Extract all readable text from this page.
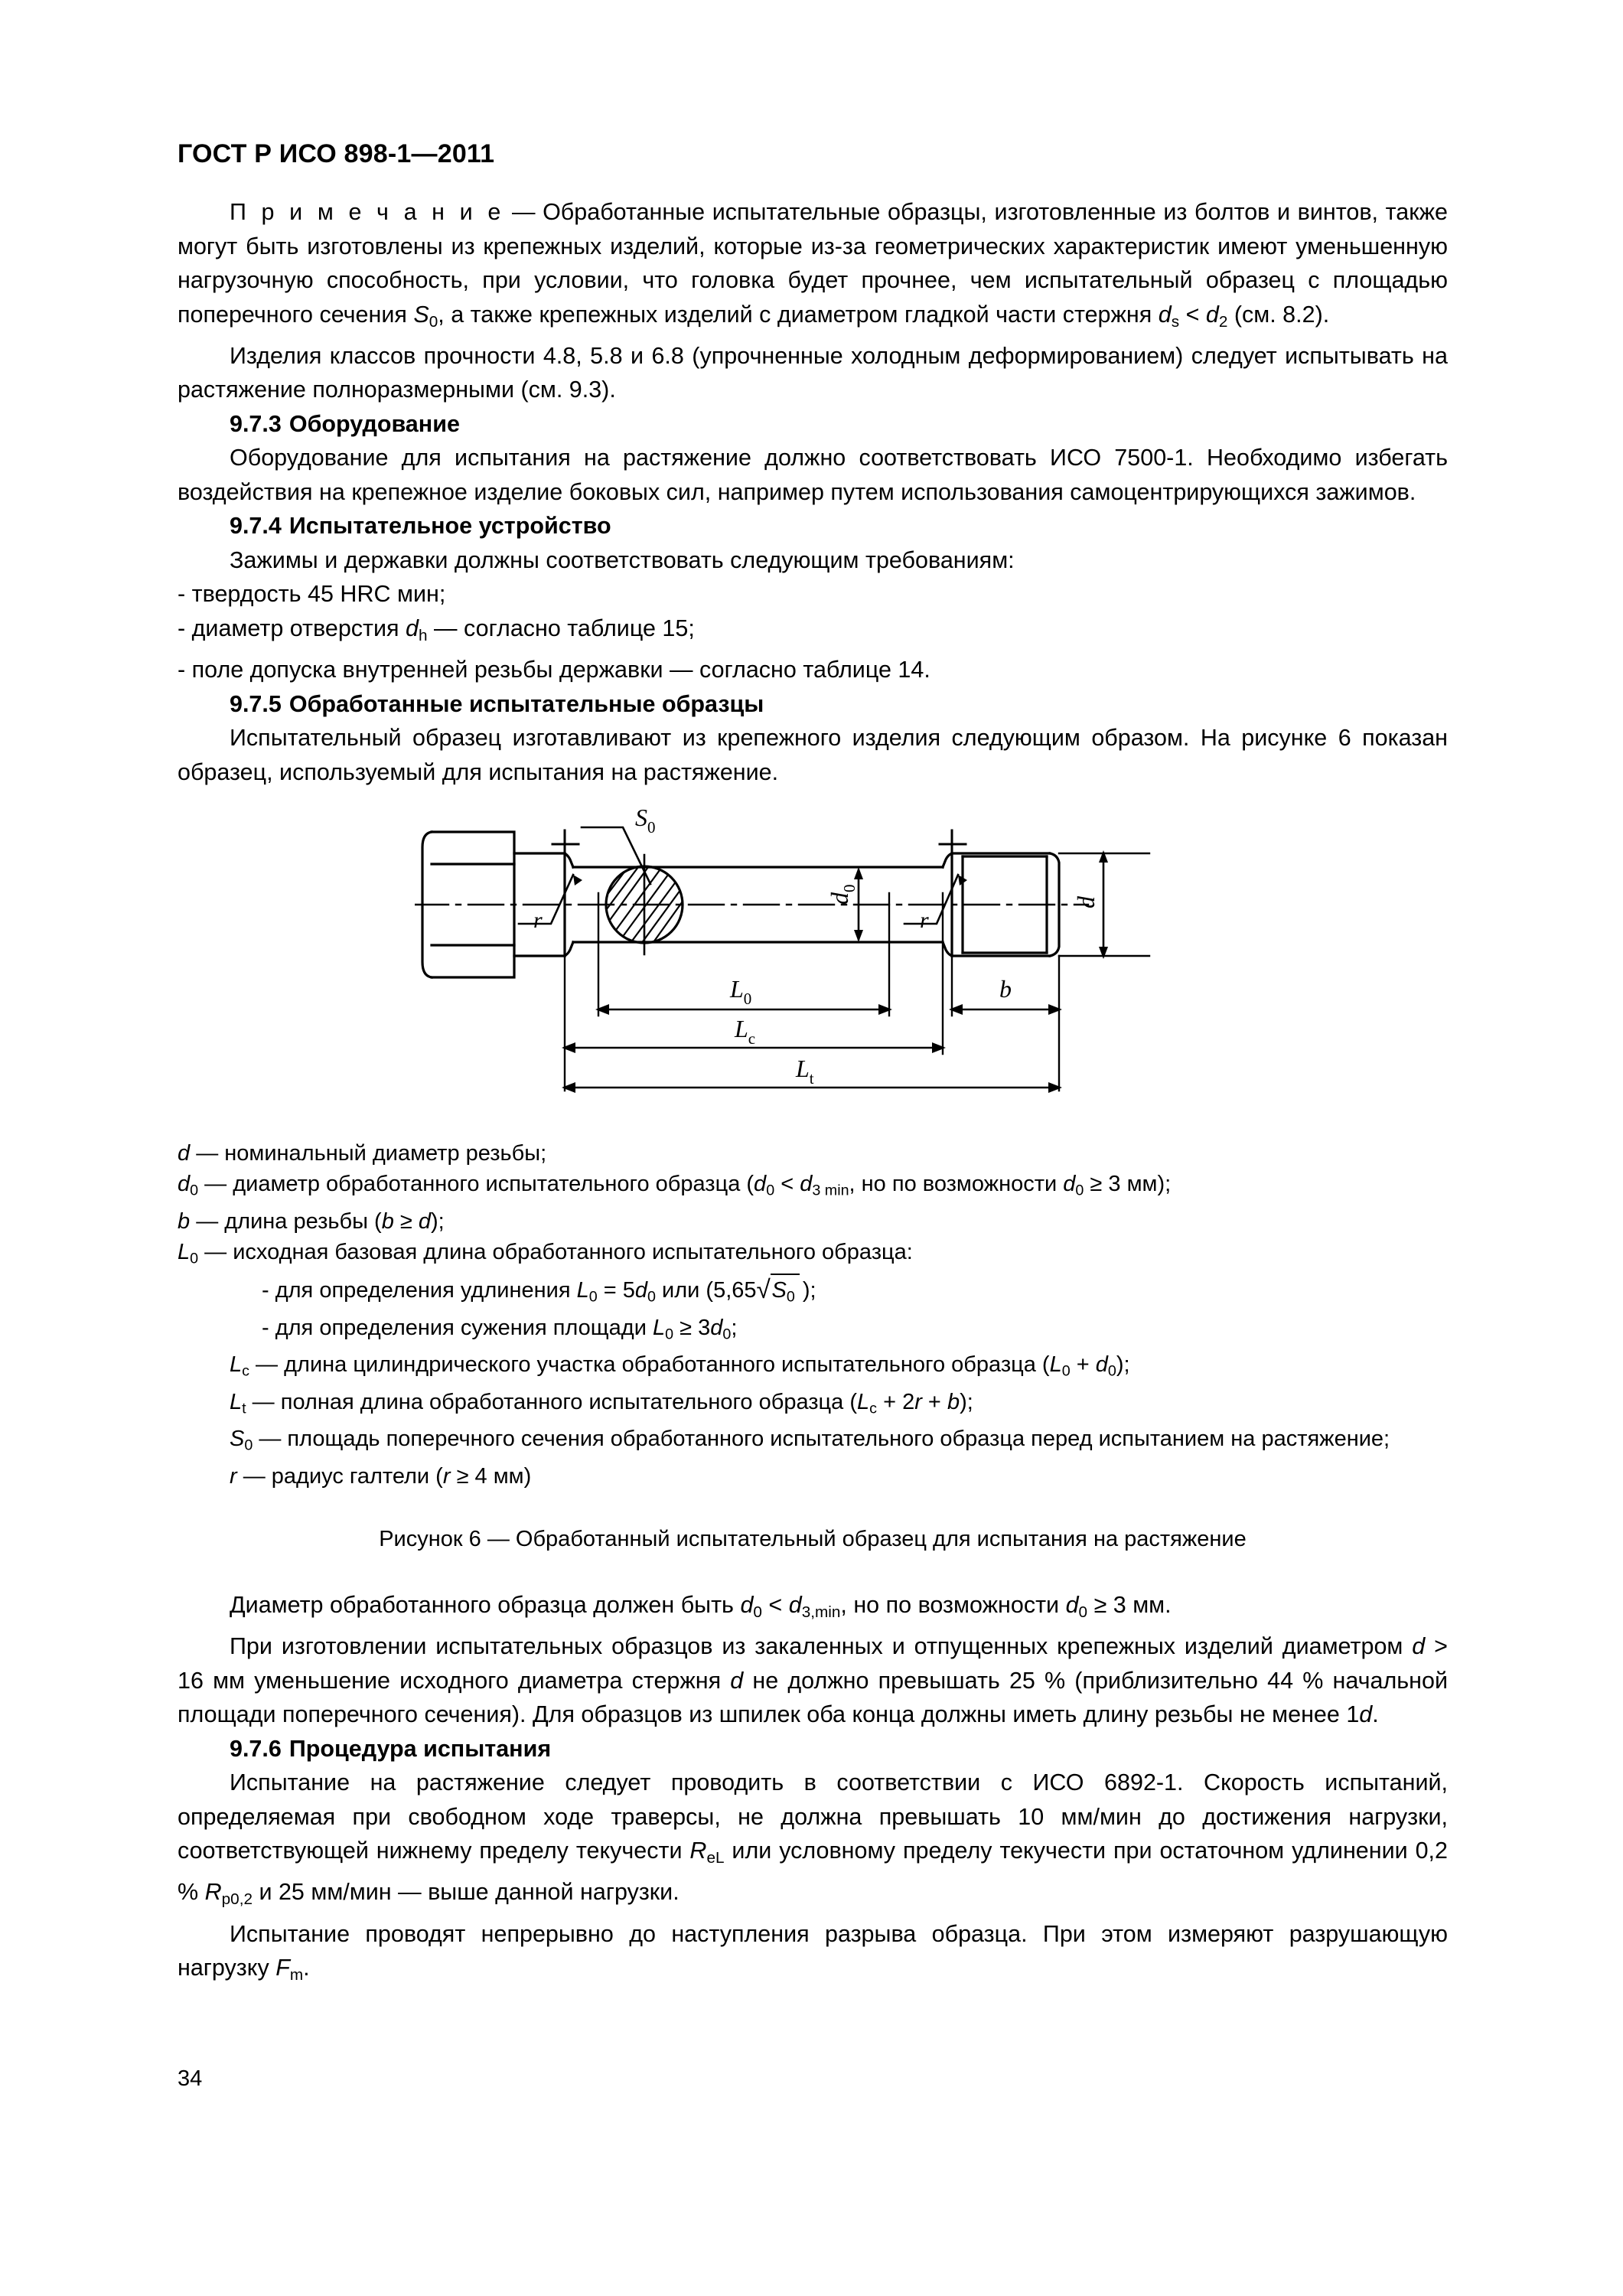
ГОСТ Р ИСО 898-1—2011

П р и м е ч а н и е — Обработанные испытательные образцы, изготовленные из болтов и винтов, также могут быть изготовлены из крепежных изделий, которые из-за геометрических характеристик имеют уменьшенную нагрузочную способность, при условии, что головка будет прочнее, чем испытательный образец с площадью поперечного сечения $S_0$, а также крепежных изделий с диаметром гладкой части стержня $d_s < d_2$ (см. 8.2).

Изделия классов прочности 4.8, 5.8 и 6.8 (упрочненные холодным деформированием) следует испытывать на растяжение полноразмерными (см. 9.3).

9.7.3 Оборудование

Оборудование для испытания на растяжение должно соответствовать ИСО 7500-1. Необходимо избегать воздействия на крепежное изделие боковых сил, например путем использования самоцентрирующихся зажимов.

9.7.4 Испытательное устройство

Зажимы и державки должны соответствовать следующим требованиям:

- твердость 45 HRC мин;

- диаметр отверстия $d_h$ — согласно таблице 15;

- поле допуска внутренней резьбы державки — согласно таблице 14.

9.7.5 Обработанные испытательные образцы

Испытательный образец изготавливают из крепежного изделия следующим образом. На рисунке 6 показан образец, используемый для испытания на растяжение.

$S_0$
r	r
$d_0$
d
$L_0$
$L_c$
$L_t$
b
d — номинальный диаметр резьбы;
$d_0$ — диаметр обработанного испытательного образца ($d_0 < d_{3 min}$, но по возможности $d_0 \ge 3$ мм);
b — длина резьбы (b ≥ d);
$L_0$ — исходная базовая длина обработанного испытательного образца:
- для определения удлинения $L_0 = 5d_0$ или (5,65 √ $S_0$ );
- для определения сужения площади $L_0 \ge 3d_0$;
$L_c$ — длина цилиндрического участка обработанного испытательного образца $(L_0 + d_0)$;
$L_t$ — полная длина обработанного испытательного образца $(L_c + 2r + b)$;
$S_0$ — площадь поперечного сечения обработанного испытательного образца перед испытанием на растяжение;
r — радиус галтели (r ≥ 4 мм)
Рисунок 6 — Обработанный испытательный образец для испытания на растяжение

Диаметр обработанного образца должен быть $d_0 < d_{3,min}$, но по возможности $d_0 \ge 3$ мм.

При изготовлении испытательных образцов из закаленных и отпущенных крепежных изделий диаметром d > 16 мм уменьшение исходного диаметра стержня d не должно превышать 25 % (приблизительно 44 % начальной площади поперечного сечения). Для образцов из шпилек оба конца должны иметь длину резьбы не менее 1d.

9.7.6 Процедура испытания

Испытание на растяжение следует проводить в соответствии с ИСО 6892-1. Скорость испытаний, определяемая при свободном ходе траверсы, не должна превышать 10 мм/мин до достижения нагрузки, соответствующей нижнему пределу текучести $R_{eL}$ или условному пределу текучести при остаточном удлинении 0,2 % $R_{p0,2}$ и 25 мм/мин — выше данной нагрузки.

Испытание проводят непрерывно до наступления разрыва образца. При этом измеряют разрушающую нагрузку $F_m$.

34
